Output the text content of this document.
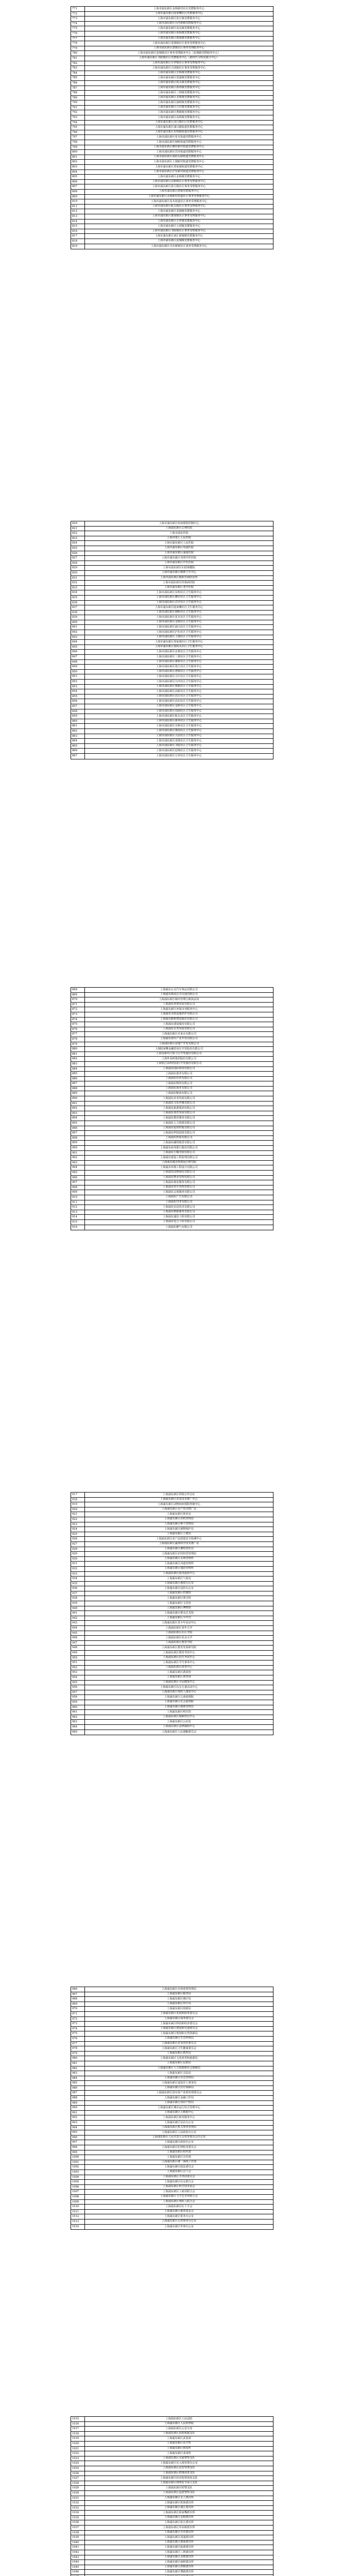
771	上海市浦东新区金杨新村社区党群服务中心
772	上海市浦东新区陆家嘴社区党群服务中心
773	上海市浦东新区张江镇党群服务中心
774	上海市浦东新区川沙新镇党群服务中心
775	上海市浦东新区高东镇党群服务中心
776	上海市浦东新区祝桥镇党群服务中心
777	上海市浦东新区惠南镇党群服务中心
778	上海市浦东新区老港镇社区事务受理服务中心
779	上海市浦东新区唐镇社区事务受理服务中心
780	上海市浦东新区泥城镇社区事务受理服务中心（泥城镇党群服务中心）
781	上海市浦东新区书院镇社区党群服务中心（新时代文明实践分中心）
782	上海市浦东新区万祥镇社区事务受理服务中心
783	上海市浦东新区大团镇社区事务受理服务中心
784	上海市浦东新区宣桥镇党群服务中心
785	上海市浦东新区周浦镇党群服务中心
786	上海市浦东新区航头镇党群服务中心
787	上海市浦东新区新场镇党群服务中心
788	上海市浦东新区三林镇党群服务中心
789	上海市浦东新区北蔡镇党群服务中心
790	上海市浦东新区康桥镇党群服务中心
791	上海市浦东新区合庆镇党群服务中心
792	上海市浦东新区曹路镇党群服务中心
793	上海市浦东新区高桥镇党群服务中心
794	上海市浦东新区高行镇社区党群服务中心
795	上海市浦东新区浦兴路街道党群服务中心
796	上海市浦东新区东明路街道党群服务中心
797	上海市浦东新区花木街道党群服务中心
798	上海市浦东新区塘桥街道党群服务中心
799	上海市浦东新区潍坊新村街道党群服务中心
800	上海市浦东新区洋泾街道党群服务中心
801	上海市浦东新区南码头路街道党群服务中心
802	上海市浦东新区上钢新村街道党群服务中心
803	上海市浦东新区周家渡街道党群服务中心
804	上海市浦东新区沪东新村街道党群服务中心
805	上海市浦东新区金桥镇党群服务中心
806	上海市浦东新区高桥镇社区事务受理服务中心
807	上海市浦东新区张江镇社区事务受理服务中心
808	上海市浦东新区唐镇党群服务中心
809	上海市浦东新区金杨新村街道社区事务受理服务中心
810	上海市浦东新区花木街道社区事务受理服务中心
811	上海市浦东新区航头镇社区事务受理服务中心
812	上海市浦东新区老港镇党群服务中心
813	上海市浦东新区惠南镇社区事务受理服务中心
814	上海市浦东新区万祥镇党群服务中心
815	上海市浦东新区大团镇党群服务中心
816	上海市浦东新区书院镇社区事务受理服务中心
817	上海市浦东新区南汇新城镇党群服务中心
818	上海市浦东新区泥城镇党群服务中心
819	上海市浦东新区川沙新镇社区事务受理服务中心
820	上海市浦东新区疾病预防控制中心
821	上海浦东新区公利医院
822	上海市浦东医院
823	上海市第七人民医院
824	上海市浦东新区人民医院
825	上海市浦东新区周浦医院
826	上海市浦东新区浦南医院
827	上海市浦东新区光明中医医院
828	上海市浦东新区中医医院
829	上海市浦东新区妇幼保健院
830	上海市浦东新区精神卫生中心
831	上海市浦东新区眼病牙病防治所
832	上海市浦东新区传染病医院
833	上海市浦东新区老年医院
834	上海市浦东新区东明社区卫生服务中心
835	上海市浦东新区潍坊社区卫生服务中心
836	上海市浦东新区洋泾社区卫生服务中心
837	上海市浦东新区陆家嘴社区卫生服务中心
838	上海市浦东新区塘桥社区卫生服务中心
839	上海市浦东新区花木社区卫生服务中心
840	上海市浦东新区金杨社区卫生服务中心
841	上海市浦东新区浦兴社区卫生服务中心
842	上海市浦东新区沪东社区卫生服务中心
843	上海市浦东新区上钢社区卫生服务中心
844	上海市浦东新区周家渡社区卫生服务中心
845	上海市浦东新区南码头社区卫生服务中心
846	上海市浦东新区北蔡社区卫生服务中心
847	上海市浦东新区三林社区卫生服务中心
848	上海市浦东新区康桥社区卫生服务中心
849	上海市浦东新区张江社区卫生服务中心
850	上海市浦东新区唐镇社区卫生服务中心
851	上海市浦东新区合庆社区卫生服务中心
852	上海市浦东新区川沙社区卫生服务中心
853	上海市浦东新区曹路社区卫生服务中心
854	上海市浦东新区高桥社区卫生服务中心
855	上海市浦东新区高行社区卫生服务中心
856	上海市浦东新区高东社区卫生服务中心
857	上海市浦东新区金桥社区卫生服务中心
858	上海市浦东新区周浦社区卫生服务中心
859	上海市浦东新区航头社区卫生服务中心
860	上海市浦东新区新场社区卫生服务中心
861	上海市浦东新区宣桥社区卫生服务中心
862	上海市浦东新区惠南社区卫生服务中心
863	上海市浦东新区大团社区卫生服务中心
864	上海市浦东新区老港社区卫生服务中心
865	上海市浦东新区书院社区卫生服务中心
866	上海市浦东新区泥城社区卫生服务中心
867	上海市浦东新区万祥社区卫生服务中心
868	上海浦东公交汽车客运有限公司
869	上海浦东杨高公共交通有限公司
870	上海浦东新区城市管理行政执法局
871	上海浦东环境发展有限公司
872	上海浦东新区环保市容服务中心
873	上海浦东市政设施养护有限公司
874	上海浦东路桥建设股份有限公司
875	上海浦东建设股份有限公司
876	上海浦东水务发展有限公司
877	上海浦东新区自来水有限公司
878	上海浦东现代产业开发有限公司
879	上海浦东新区房地产开发有限公司
880	上海陆家嘴金融贸易区开发股份有限公司
881	上海金桥出口加工区开发股份有限公司
882	上海外高桥集团股份有限公司
883	上海张江高科技园区开发股份有限公司
884	上海浦东国际机场有限公司
885	上海浦东港务有限公司
886	上海浦东医药有限公司
887	上海浦东物资有限公司
888	上海浦东商业有限公司
889	上海浦东粮油有限公司
890	上海浦东农业发展有限公司
891	上海浦东文化传媒有限公司
892	上海浦东旅游集团有限公司
893	上海浦东体育发展有限公司
894	上海浦东教育服务有限公司
895	上海浦东人力资源有限公司
896	上海浦东投资控股有限公司
897	上海浦东科技投资有限公司
898	上海浦东担保有限公司
899	上海浦东融资租赁有限公司
900	上海浦东商业银行股份有限公司
901	上海浦东小额贷款有限公司
902	上海浦东建设工程监理有限公司
903	上海浦东城市规划设计研究院
904	上海浦东环境工程设计有限公司
905	上海浦东园林绿化有限公司
906	上海浦东物业管理有限公司
907	上海浦东保安服务有限公司
908	上海浦东停车管理有限公司
909	上海浦东会展服务有限公司
910	上海浦东广告有限公司
911	上海浦东印务有限公司
912	上海浦东信息技术有限公司
913	上海浦东数据服务有限公司
914	上海浦东通信工程有限公司
915	上海浦东电力工程有限公司
916	上海浦东燃气有限公司
917	上海浦东新区供销合作总社
918	上海浦东新区农业技术推广中心
919	上海浦东新区动物疫病预防控制中心
920	上海浦东新区水产技术推广站
921	上海浦东新区林业站
922	上海浦东新区农机管理站
923	上海浦东新区种子管理站
924	上海浦东新区植物保护站
925	上海浦东新区土肥站
926	上海浦东新区农产品质量安全检测中心
927	上海浦东新区蔬菜科学技术推广站
928	上海浦东新区畜牧兽医站
929	上海浦东新区农村经营管理站
930	上海浦东新区水利管理所
931	上海浦东新区河道管理所
932	上海浦东新区堤防管理所
933	上海浦东新区防汛抢险中心
934	上海浦东新区气象局
935	上海浦东新区地震办公室
936	上海浦东新区民防办公室
937	上海浦东新区档案馆
938	上海浦东新区图书馆
939	上海浦东新区文化馆
940	上海浦东新区博物馆
941	上海浦东新区群众艺术馆
942	上海浦东新区少年宫
943	上海浦东新区青少年活动中心
944	上海浦东新区老年大学
945	上海浦东新区社区学院
946	上海浦东新区业余大学
947	上海浦东新区教育学院
948	上海浦东新区教育发展研究院
949	上海浦东新区教育考试中心
950	上海浦东新区招生考试中心
951	上海浦东新区学生事务中心
952	上海浦东新区体育中心
953	上海浦东新区游泳馆
954	上海浦东新区体育场
955	上海浦东新区全民健身中心
956	上海浦东新区妇女儿童活动中心
957	上海浦东新区残疾人康复中心
958	上海浦东新区儿童福利院
959	上海浦东新区社会福利院
960	上海浦东新区救助管理站
961	上海浦东新区殡仪馆
962	上海浦东新区婚姻登记中心
963	上海浦东新区公证处
964	上海浦东新区法律援助中心
965	上海浦东新区人民调解委员会
966	上海浦东新区市场监督管理局
967	上海浦东新区税务局
968	上海浦东新区统计局
969	上海浦东新区审计局
970	上海浦东新区财政局
971	上海浦东新区发展和改革委员会
972	上海浦东新区商务委员会
973	上海浦东新区科技和经济委员会
974	上海浦东新区建设和交通委员会
975	上海浦东新区规划和自然资源局
976	上海浦东新区生态环境局
977	上海浦东新区农业农村委员会
978	上海浦东新区卫生健康委员会
979	上海浦东新区教育局
980	上海浦东新区文化体育和旅游局
981	上海浦东新区民政局
982	上海浦东新区人力资源和社会保障局
983	上海浦东新区司法局
984	上海浦东新区应急管理局
985	上海浦东新区退役军人事务局
986	上海浦东新区医疗保障局
987	上海浦东新区国有资产监督管理委员会
988	上海浦东新区金融工作局
989	上海浦东新区知识产权局
990	上海浦东新区城市运行综合管理中心
991	上海浦东新区大数据中心
992	上海浦东新区政务服务中心
993	上海浦东新区信访办公室
994	上海浦东新区机关事务管理局
995	上海浦东新区人民政府办公室
996	上海浦东新区人民代表大会常务委员会办公室
997	上海浦东新区政协办公室
998	上海浦东新区纪律检查委员会
999	上海浦东新区组织部
1000	上海浦东新区宣传部
1001	上海浦东新区统一战线工作部
1002	上海浦东新区政法委员会
1003	上海浦东新区总工会
1004	上海浦东新区共青团委员会
1005	上海浦东新区妇女联合会
1006	上海浦东新区科学技术协会
1007	上海浦东新区工商业联合会
1008	上海浦东新区文学艺术界联合会
1009	上海浦东新区残疾人联合会
1010	上海浦东新区红十字会
1011	上海浦东新区慈善基金会
1012	上海浦东新区侨务办公室
1013	上海浦东新区台湾事务办公室
1014	上海浦东新区外事办公室
1015	上海浦东新区人民法院
1016	上海浦东新区人民检察院
1017	上海浦东新区公安分局
1018	上海浦东新区消防救援支队
1019	上海浦东新区武装部
1020	上海浦东新区看守所
1021	上海浦东新区拘留所
1022	上海浦东新区戒毒所
1023	上海浦东新区交通警察支队
1024	上海浦东新区出入境管理办公室
1025	上海浦东新区治安管理支队
1026	上海浦东新区刑事侦查支队
1027	上海浦东新区经济犯罪侦查支队
1028	上海浦东新区网络安全保卫支队
1029	上海浦东新区特警支队
1030	上海浦东新区巡逻警察支队
1031	上海浦东新区水上派出所
1032	上海浦东新区机场派出所
1033	上海浦东新区港区派出所
1034	上海浦东新区陆家嘴派出所
1035	上海浦东新区金桥派出所
1036	上海浦东新区张江派出所
1037	上海浦东新区外高桥派出所
1038	上海浦东新区川沙派出所
1039	上海浦东新区周浦派出所
1040	上海浦东新区惠南派出所
1041	上海浦东新区临港派出所
1042	上海浦东新区三林派出所
1043	上海浦东新区北蔡派出所
1044	上海浦东新区康桥派出所
1045	上海浦东新区唐镇派出所
1046	上海浦东新区曹路派出所
